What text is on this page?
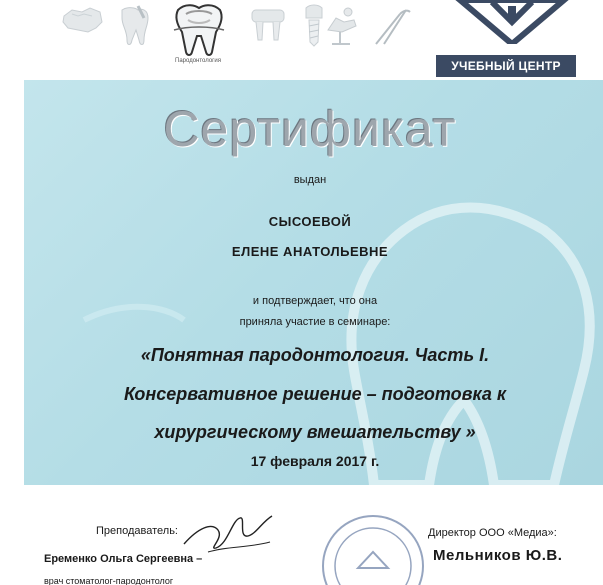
Пародонтология	УЧЕБНЫЙ ЦЕНТР
Сертификат
выдан
СЫСОЕВОЙ
ЕЛЕНЕ АНАТОЛЬЕВНЕ
и подтверждает, что она
приняла участие в семинаре:
«Понятная пародонтология. Часть I.
Консервативное решение – подготовка к
хирургическому вмешательству »
17 февраля 2017 г.
Преподаватель:
Еременко Ольга Сергеевна –
врач стоматолог-пародонтолог
Директор ООО «Медиа»:
Мельников Ю.В.
